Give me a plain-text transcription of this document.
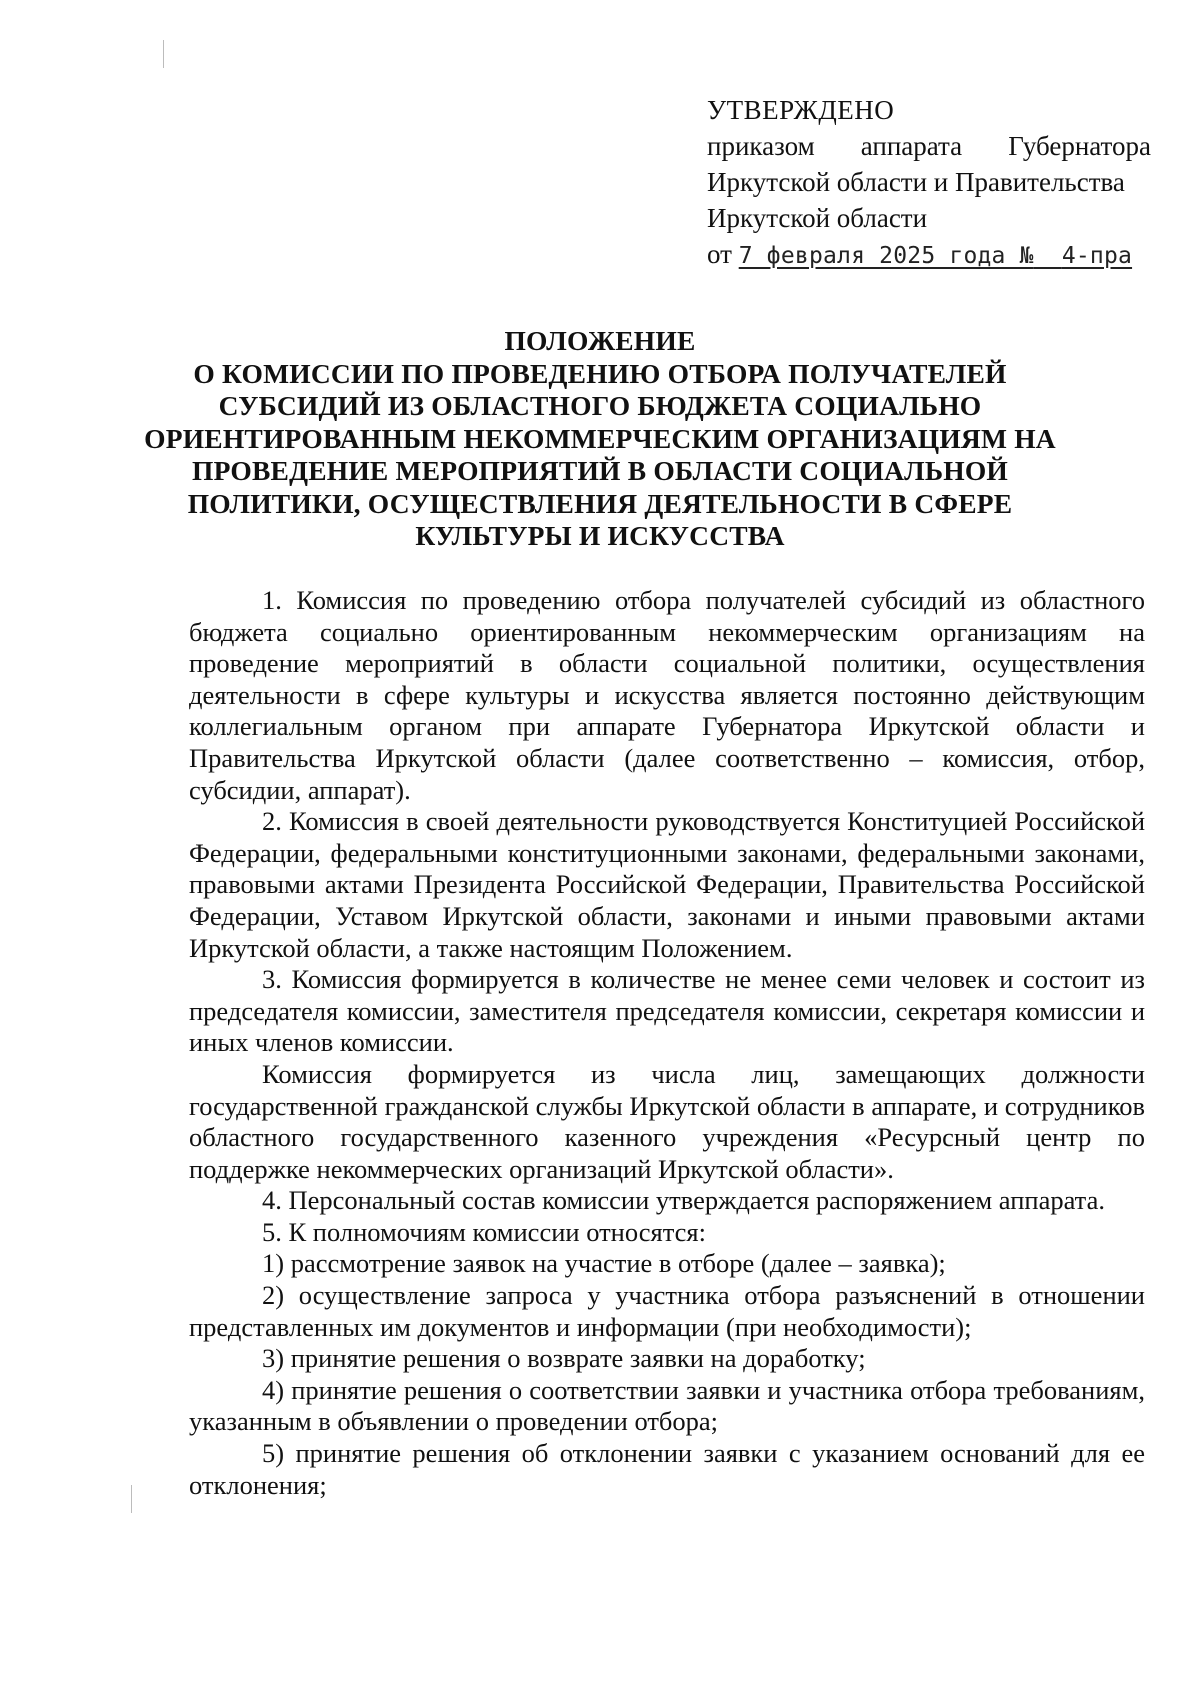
УТВЕРЖДЕНО
приказом аппарата Губернатора
Иркутской области и Правительства
Иркутской области
от 7 февраля 2025 года № 4-пра
ПОЛОЖЕНИЕ
О КОМИССИИ ПО ПРОВЕДЕНИЮ ОТБОРА ПОЛУЧАТЕЛЕЙ
СУБСИДИЙ ИЗ ОБЛАСТНОГО БЮДЖЕТА СОЦИАЛЬНО
ОРИЕНТИРОВАННЫМ НЕКОММЕРЧЕСКИМ ОРГАНИЗАЦИЯМ НА
ПРОВЕДЕНИЕ МЕРОПРИЯТИЙ В ОБЛАСТИ СОЦИАЛЬНОЙ
ПОЛИТИКИ, ОСУЩЕСТВЛЕНИЯ ДЕЯТЕЛЬНОСТИ В СФЕРЕ
КУЛЬТУРЫ И ИСКУССТВА

1. Комиссия по проведению отбора получателей субсидий из областного бюджета социально ориентированным некоммерческим организациям на проведение мероприятий в области социальной политики, осуществления деятельности в сфере культуры и искусства является постоянно действующим коллегиальным органом при аппарате Губернатора Иркутской области и Правительства Иркутской области (далее соответственно – комиссия, отбор, субсидии, аппарат).

2. Комиссия в своей деятельности руководствуется Конституцией Российской Федерации, федеральными конституционными законами, федеральными законами, правовыми актами Президента Российской Федерации, Правительства Российской Федерации, Уставом Иркутской области, законами и иными правовыми актами Иркутской области, а также настоящим Положением.

3. Комиссия формируется в количестве не менее семи человек и состоит из председателя комиссии, заместителя председателя комиссии, секретаря комиссии и иных членов комиссии.

Комиссия формируется из числа лиц, замещающих должности государственной гражданской службы Иркутской области в аппарате, и сотрудников областного государственного казенного учреждения «Ресурсный центр по поддержке некоммерческих организаций Иркутской области».

4. Персональный состав комиссии утверждается распоряжением аппарата.

5. К полномочиям комиссии относятся:

1) рассмотрение заявок на участие в отборе (далее – заявка);

2) осуществление запроса у участника отбора разъяснений в отношении представленных им документов и информации (при необходимости);

3) принятие решения о возврате заявки на доработку;

4) принятие решения о соответствии заявки и участника отбора требованиям, указанным в объявлении о проведении отбора;

5) принятие решения об отклонении заявки с указанием оснований для ее отклонения;
